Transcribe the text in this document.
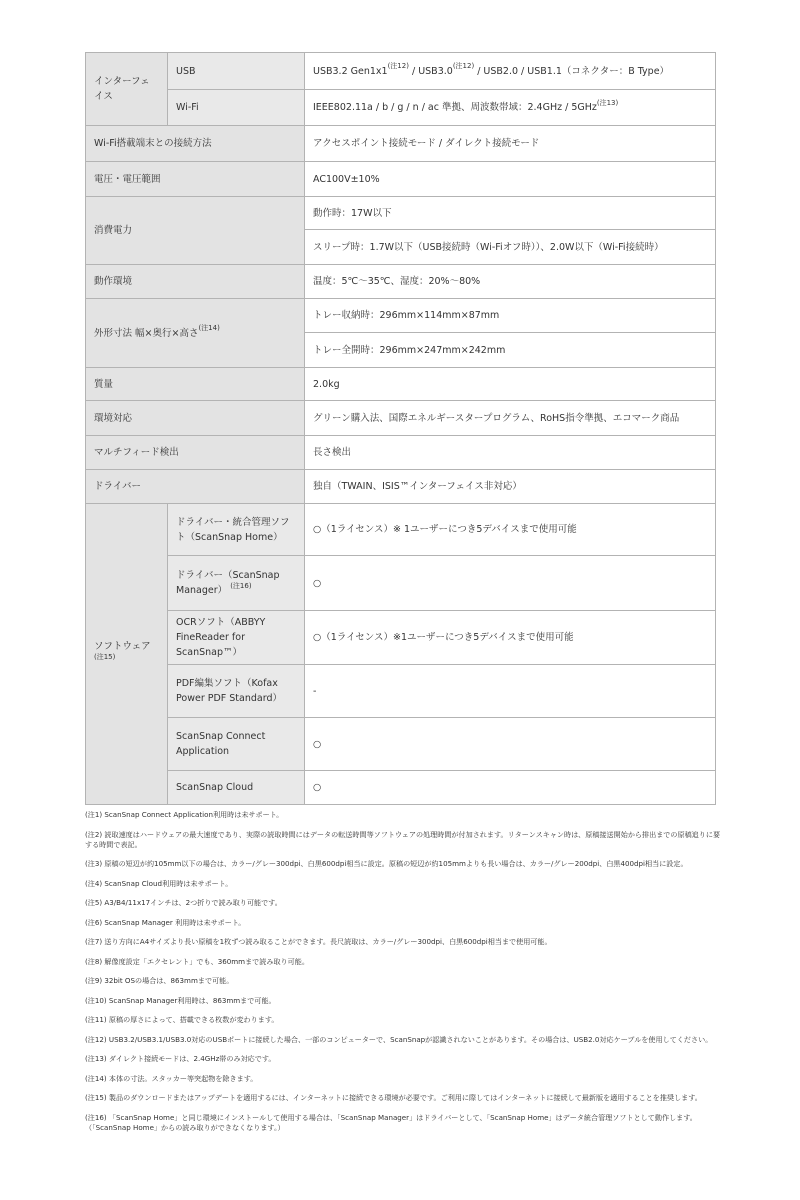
インターフェイス	USB	USB3.2 $Gen1x1^{(注12)} / USB3.0^{(注12)} / USB2.0 / USB1.1$（コネクター：B Type）
	Wi-Fi	IEEE802.11a / b / g / n / ac 準拠、周波数帯域：2.4GHz / 5GHz$^{(注13)}$
Wi-Fi搭載端末との接続方法		アクセスポイント接続モード / ダイレクト接続モード
電圧・電圧範囲		AC100V±10%
消費電力		動作時：17W以下
		スリープ時：1.7W以下（USB接続時（Wi-Fiオフ時））、2.0W以下（Wi-Fi接続時）
動作環境		温度：5℃～35℃、湿度：20%～80%
外形寸法 幅×奥行×高さ$^{(注14)}$		トレー収納時：296mm×114mm×87mm
		トレー全開時：296mm×247mm×242mm
質量		2.0kg
環境対応		グリーン購入法、国際エネルギースタープログラム、RoHS指令準拠、エコマーク商品
マルチフィード検出		長さ検出
ドライバー		独自（TWAIN、ISIS™インターフェイス非対応）
ソフトウェア$^{(注15)}$	ドライバー・統合管理ソフト（ScanSnap Home）	○（1ライセンス）※ 1ユーザーにつき5デバイスまで使用可能
	ドライバー（ScanSnap Manager） $^{(注16)}$	○
	OCRソフト（ABBYY FineReader for ScanSnap™）	○（1ライセンス）※1ユーザーにつき5デバイスまで使用可能
	PDF編集ソフト（Kofax Power PDF Standard）	-
	ScanSnap Connect Application	○
	ScanSnap Cloud	○

(注1) ScanSnap Connect Application利用時は未サポート。

(注2) 読取速度はハードウェアの最大速度であり、実際の読取時間にはデータの転送時間等ソフトウェアの処理時間が付加されます。リターンスキャン時は、原稿接送開始から排出までの原稿追りに要する時間で表記。

(注3) 原稿の短辺が約105mm以下の場合は、カラー/グレー300dpi、白黒600dpi相当に設定。原稿の短辺が約105mmよりも長い場合は、カラー/グレー200dpi、白黒400dpi相当に設定。

(注4) ScanSnap Cloud利用時は未サポート。

(注5) A3/B4/11x17インチは、2つ折りで読み取り可能です。

(注6) ScanSnap Manager 利用時は未サポート。

(注7) 送り方向にA4サイズより長い原稿を1枚ずつ読み取ることができます。長尺読取は、カラー/グレー300dpi、白黒600dpi相当まで使用可能。

(注8) 解像度設定「エクセレント」でも、360mmまで読み取り可能。

(注9) 32bit OSの場合は、863mmまで可能。

(注10) ScanSnap Manager利用時は、863mmまで可能。

(注11) 原稿の厚さによって、搭載できる枚数が変わります。

(注12) USB3.2/USB3.1/USB3.0対応のUSBポートに接続した場合、一部のコンピューターで、ScanSnapが認識されないことがあります。その場合は、USB2.0対応ケーブルを使用してください。

(注13) ダイレクト接続モードは、2.4GHz帯のみ対応です。

(注14) 本体の寸法。スタッカー等突起物を除きます。

(注15) 製品のダウンロードまたはアップデートを適用するには、インターネットに接続できる環境が必要です。ご利用に際してはインターネットに接続して最新版を適用することを推奨します。

(注16) 「ScanSnap Home」と同じ環境にインストールして使用する場合は、「ScanSnap Manager」はドライバーとして、「ScanSnap Home」はデータ統合管理ソフトとして動作します。（「ScanSnap Home」からの読み取りができなくなります。）
